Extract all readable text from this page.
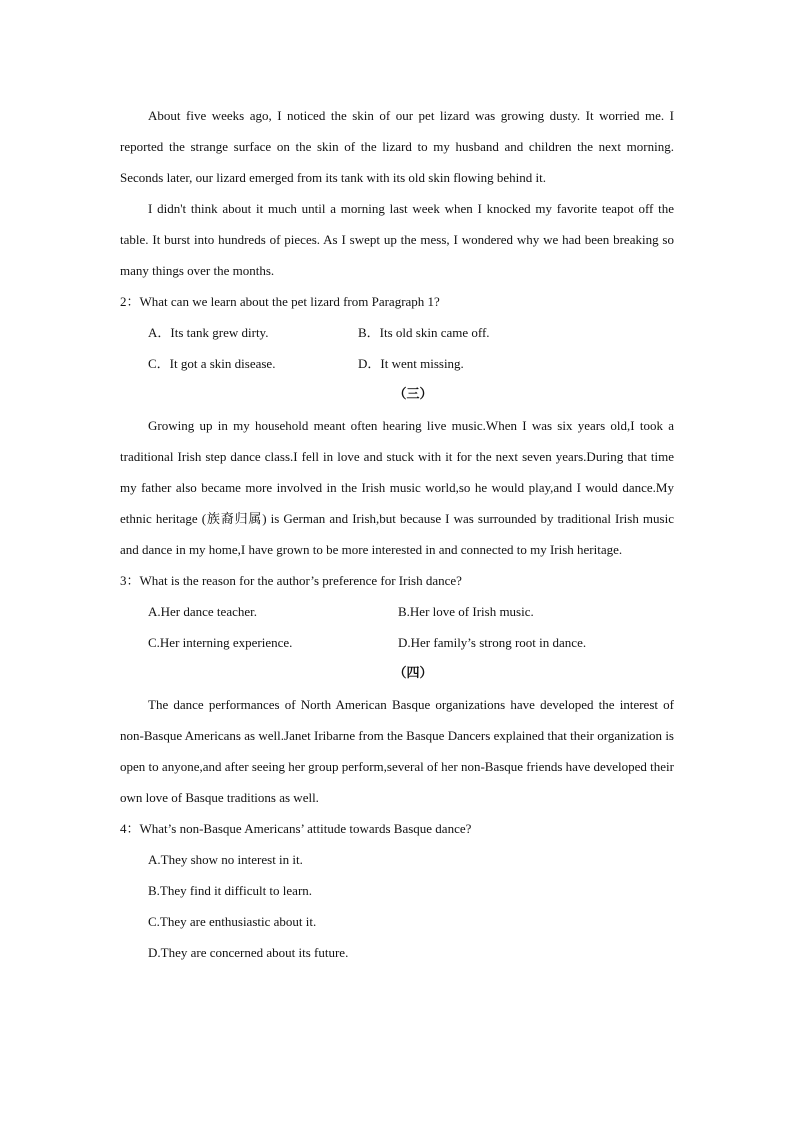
About five weeks ago, I noticed the skin of our pet lizard was growing dusty. It worried me. I reported the strange surface on the skin of the lizard to my husband and children the next morning. Seconds later, our lizard emerged from its tank with its old skin flowing behind it.

I didn't think about it much until a morning last week when I knocked my favorite teapot off the table. It burst into hundreds of pieces. As I swept up the mess, I wondered why we had been breaking so many things over the months.

2：What can we learn about the pet lizard from Paragraph 1?

A．Its tank grew dirty.	B．Its old skin came off.
C．It got a skin disease.	D．It went missing.

（三）

Growing up in my household meant often hearing live music.When I was six years old,I took a traditional Irish step dance class.I fell in love and stuck with it for the next seven years.During that time my father also became more involved in the Irish music world,so he would play,and I would dance.My ethnic heritage (族裔归属) is German and Irish,but because I was surrounded by traditional Irish music and dance in my home,I have grown to be more interested in and connected to my Irish heritage.

3：What is the reason for the author’s preference for Irish dance?

A.Her dance teacher.	B.Her love of Irish music.
C.Her interning experience.	D.Her family’s strong root in dance.

（四）

The dance performances of North American Basque organizations have developed the interest of non-Basque Americans as well.Janet Iribarne from the Basque Dancers explained that their organization is open to anyone,and after seeing her group perform,several of her non-Basque friends have developed their own love of Basque traditions as well.

4：What’s non-Basque Americans’ attitude towards Basque dance?

A.They show no interest in it.

B.They find it difficult to learn.

C.They are enthusiastic about it.

D.They are concerned about its future.
